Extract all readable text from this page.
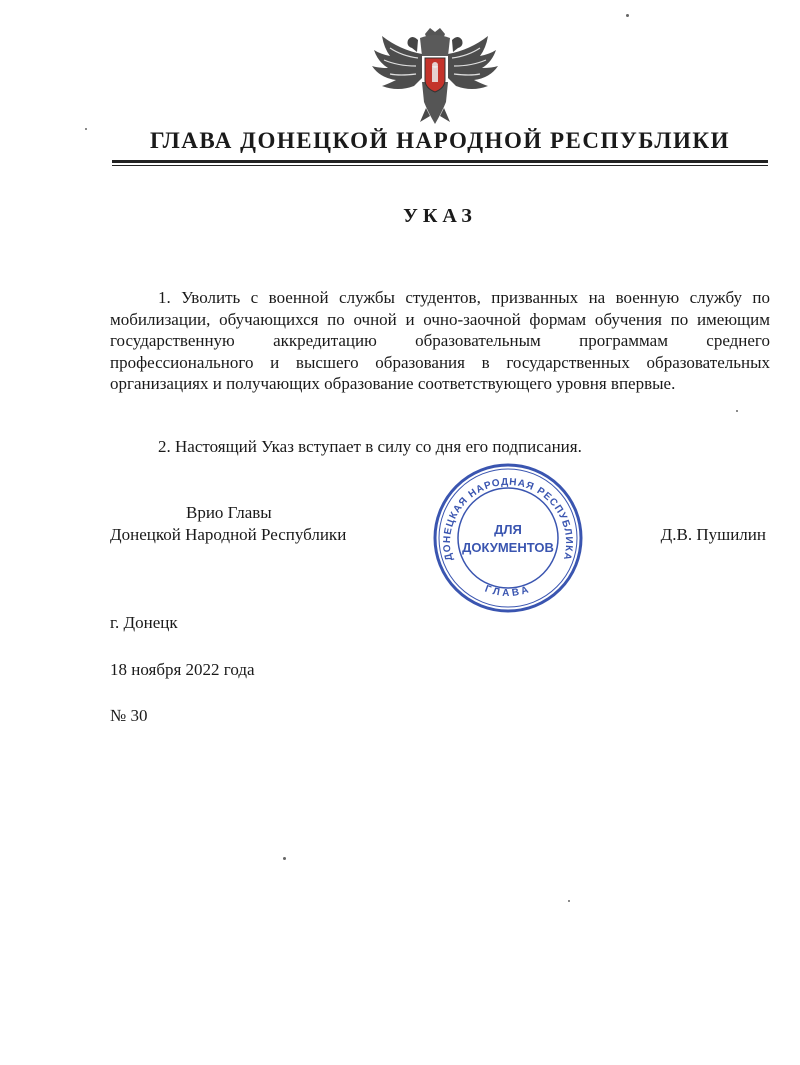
ГЛАВА ДОНЕЦКОЙ НАРОДНОЙ РЕСПУБЛИКИ
УКАЗ

1. Уволить с военной службы студентов, призванных на военную службу по мобилизации, обучающихся по очной и очно-заочной формам обучения по имеющим государственную аккредитацию образовательным программам среднего профессионального и высшего образования в государственных образовательных организациях и получающих образование соответствующего уровня впервые.

2. Настоящий Указ вступает в силу со дня его подписания.

Врио Главы
Донецкой Народной Республики
ДОНЕЦКАЯ НАРОДНАЯ РЕСПУБЛИКА
ГЛАВА
ДЛЯ
ДОКУМЕНТОВ
Д.В. Пушилин
г. Донецк
18 ноября 2022 года
№ 30
